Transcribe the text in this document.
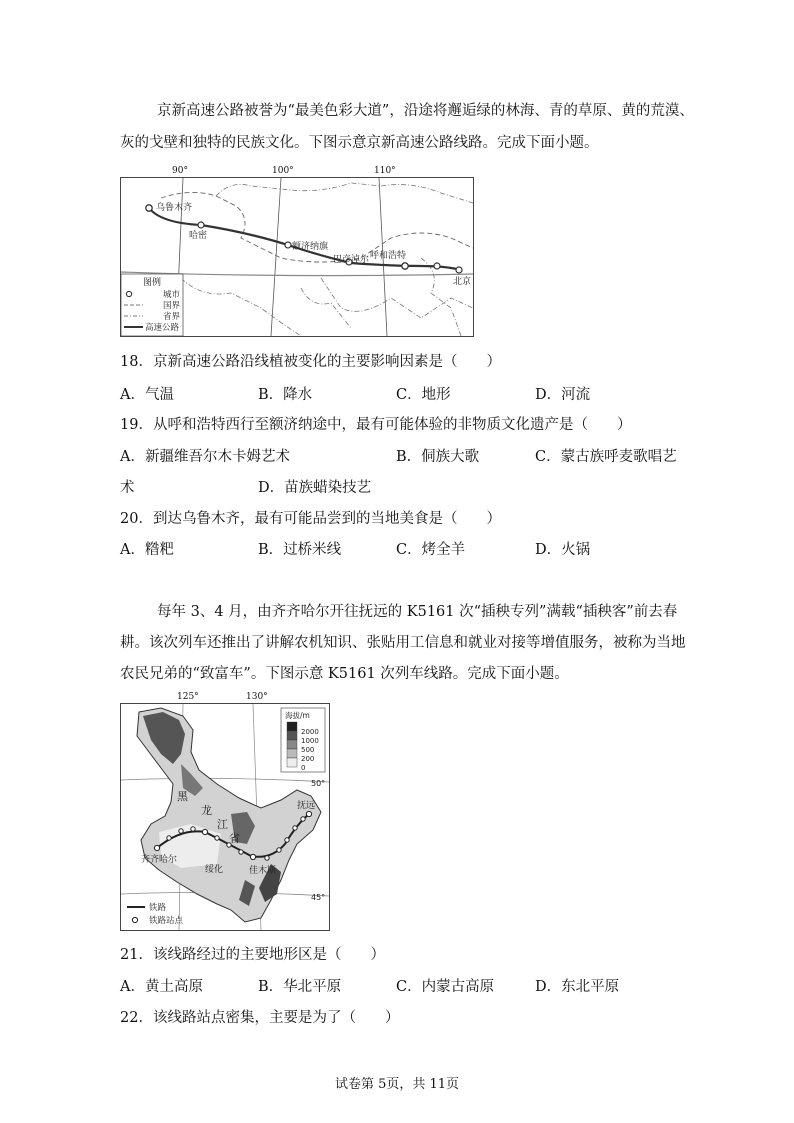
京新高速公路被誉为“最美色彩大道”，沿途将邂逅绿的林海、青的草原、黄的荒漠、
灰的戈壁和独特的民族文化。下图示意京新高速公路线路。完成下面小题。
乌鲁木齐
哈密
额济纳旗
巴彦淖尔 呼和浩特
北京
图例
城市
国界
省界
高速公路
90°	100°	110°
18．京新高速公路沿线植被变化的主要影响因素是（　　）
A．气温	B．降水	C．地形	D．河流
19．从呼和浩特西行至额济纳途中，最有可能体验的非物质文化遗产是（　　）
A．新疆维吾尔木卡姆艺术	B．侗族大歌	C．蒙古族呼麦歌唱艺
术	D．苗族蜡染技艺
20．到达乌鲁木齐，最有可能品尝到的当地美食是（　　）
A．糌粑	B．过桥米线	C．烤全羊	D．火锅
每年 3、4 月，由齐齐哈尔开往抚远的 K5161 次“插秧专列”满载“插秧客”前去春
耕。该次列车还推出了讲解农机知识、张贴用工信息和就业对接等增值服务，被称为当地
农民兄弟的“致富车”。下图示意 K5161 次列车线路。完成下面小题。
125°	130°
黑
龙
江
省
齐齐哈尔
绥化	佳木斯
抚远
50°
45°
海拔/m
2000
1000
500
200
0
铁路
铁路站点
21．该线路经过的主要地形区是（　　）
A．黄土高原	B．华北平原	C．内蒙古高原	D．东北平原
22．该线路站点密集，主要是为了（　　）
试卷第 5页，共 11页
